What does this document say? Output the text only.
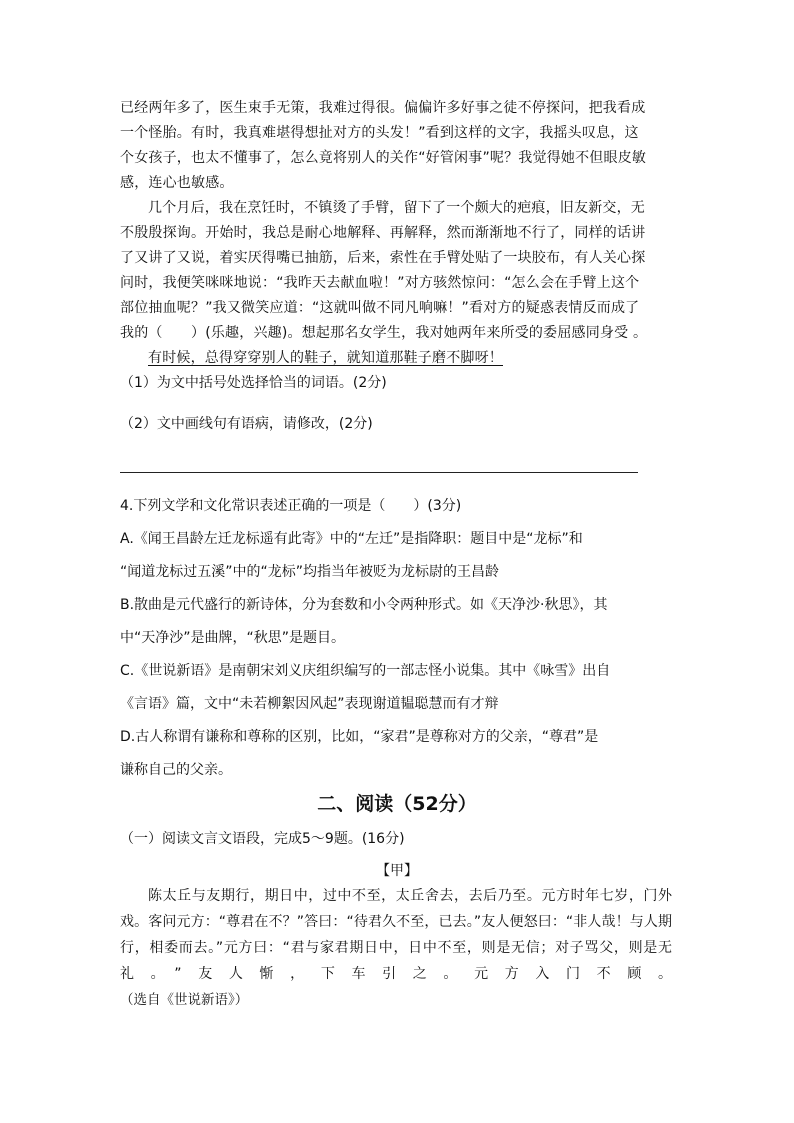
已经两年多了，医生束手无策，我难过得很。偏偏许多好事之徒不停探问，把我看成一个怪胎。有时，我真难堪得想扯对方的头发！”看到这样的文字，我摇头叹息，这个女孩子，也太不懂事了，怎么竟将别人的关作“好管闲事”呢？我觉得她不但眼皮敏感，连心也敏感。

几个月后，我在烹饪时，不镇烫了手臂，留下了一个颇大的疤痕，旧友新交，无不殷殷探询。开始时，我总是耐心地解释、再解释，然而渐渐地不行了，同样的话讲了又讲了又说，着实厌得嘴已抽筋，后来，索性在手臂处贴了一块胶布，有人关心探问时，我便笑咪咪地说：“我昨天去献血啦！”对方骇然惊问：“怎么会在手臂上这个部位抽血呢？”我又微笑应道：“这就叫做不同凡响嘛！”看对方的疑惑表情反而成了我的（　　）(乐趣，兴趣)。想起那名女学生，我对她两年来所受的委屈感同身受 。

有时候，总得穿穿别人的鞋子，就知道那鞋子磨不脚呀！

（1）为文中括号处选择恰当的词语。(2分)

（2）文中画线句有语病，请修改，(2分)

4.下列文学和文化常识表述正确的一项是（　　）(3分)

A.《闻王昌龄左迁龙标遥有此寄》中的“左迁”是指降职：题目中是“龙标”和

“闻道龙标过五溪”中的“龙标”均指当年被贬为龙标尉的王昌龄

B.散曲是元代盛行的新诗体，分为套数和小令两种形式。如《天净沙·秋思》，其

中“天净沙”是曲牌，“秋思”是题目。

C.《世说新语》是南朝宋刘义庆组织编写的一部志怪小说集。其中《咏雪》出自

《言语》篇，文中“未若柳絮因风起”表现谢道韫聪慧而有才辩

D.古人称谓有谦称和尊称的区别，比如，“家君”是尊称对方的父亲，“尊君”是

谦称自己的父亲。

二、阅读（52分）

（一）阅读文言文语段，完成5～9题。(16分)

【甲】

陈太丘与友期行，期日中，过中不至，太丘舍去，去后乃至。元方时年七岁，门外戏。客问元方：“尊君在不？”答曰：“待君久不至，已去。”友人便怒曰：“非人哉！与人期行，相委而去。”元方曰：“君与家君期日中，日中不至，则是无信；对子骂父，则是无礼。”友人惭，下车引之。元方入门不顾。

（选自《世说新语》）
